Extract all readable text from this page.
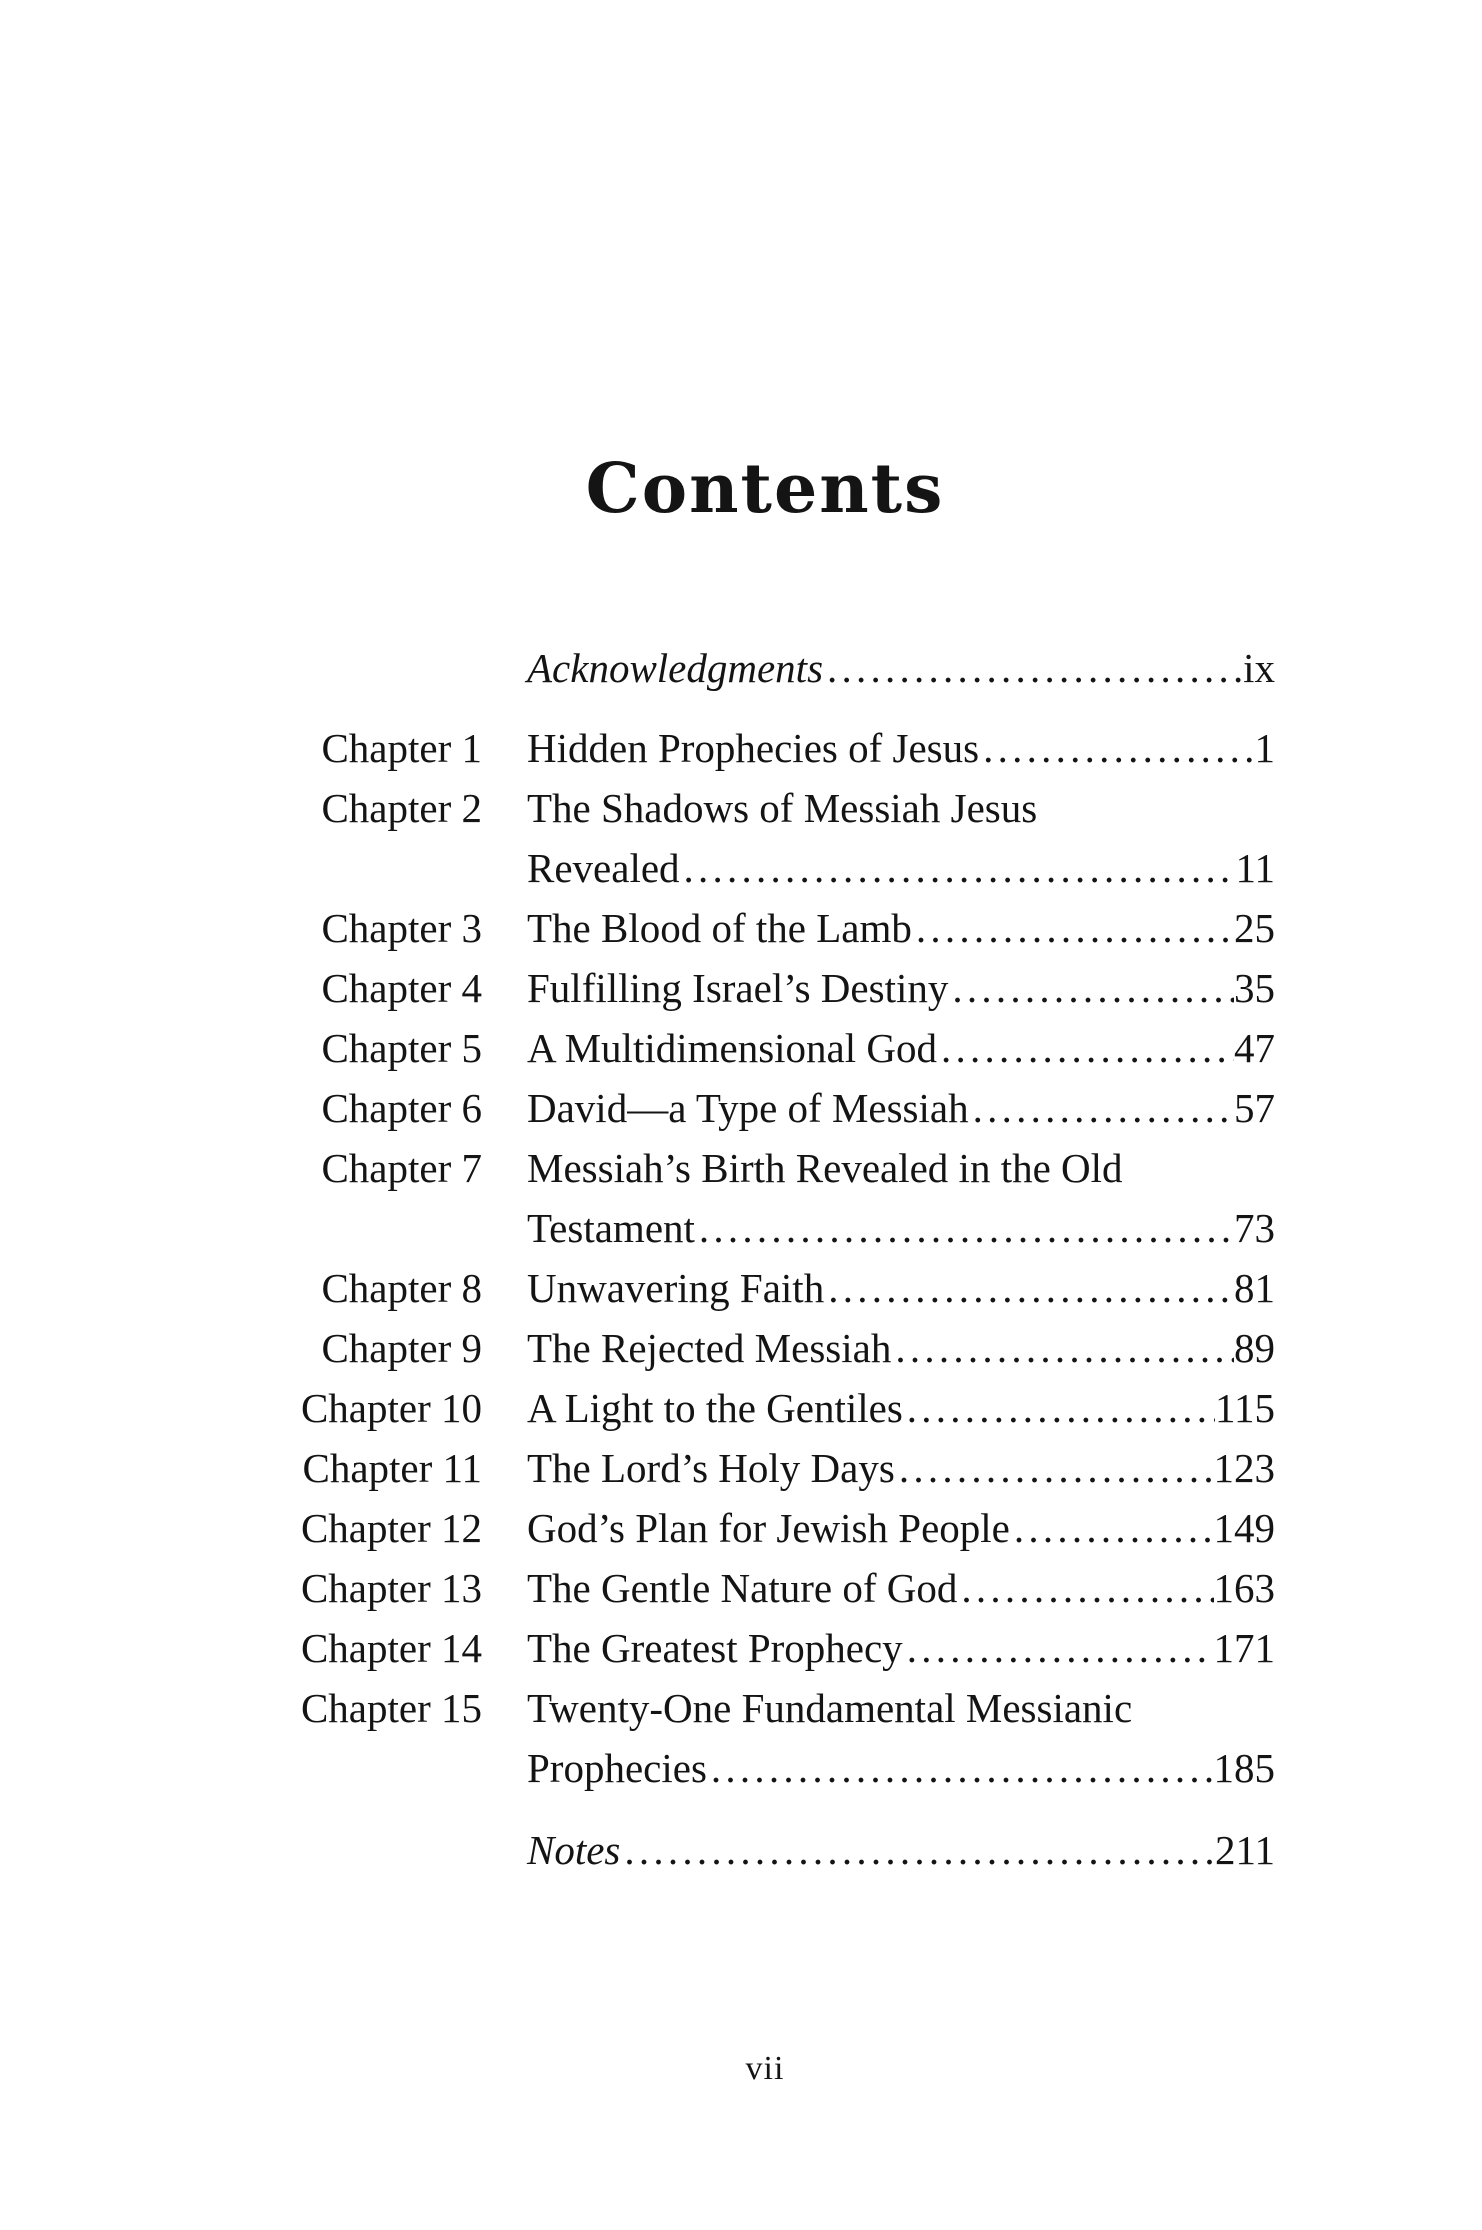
Contents
Acknowledgments . . .	ix
Chapter 1 Hidden Prophecies of Jesus . . .	1
Chapter 2 The Shadows of Messiah Jesus
Revealed . . .	11
Chapter 3 The Blood of the Lamb . . .	25
Chapter 4 Fulfilling Israel’s Destiny . . .	35
Chapter 5 A Multidimensional God . . .	47
Chapter 6 David—a Type of Messiah . . .	57
Chapter 7 Messiah’s Birth Revealed in the Old
Testament . . .	73
Chapter 8 Unwavering Faith . . .	81
Chapter 9 The Rejected Messiah . . .	89
Chapter 10 A Light to the Gentiles . . .	115
Chapter 11 The Lord’s Holy Days . . .	123
Chapter 12 God’s Plan for Jewish People . . .	149
Chapter 13 The Gentle Nature of God . . .	163
Chapter 14 The Greatest Prophecy . . .	171
Chapter 15 Twenty-One Fundamental Messianic
Prophecies . . .	185
Notes . . .	211
vii
